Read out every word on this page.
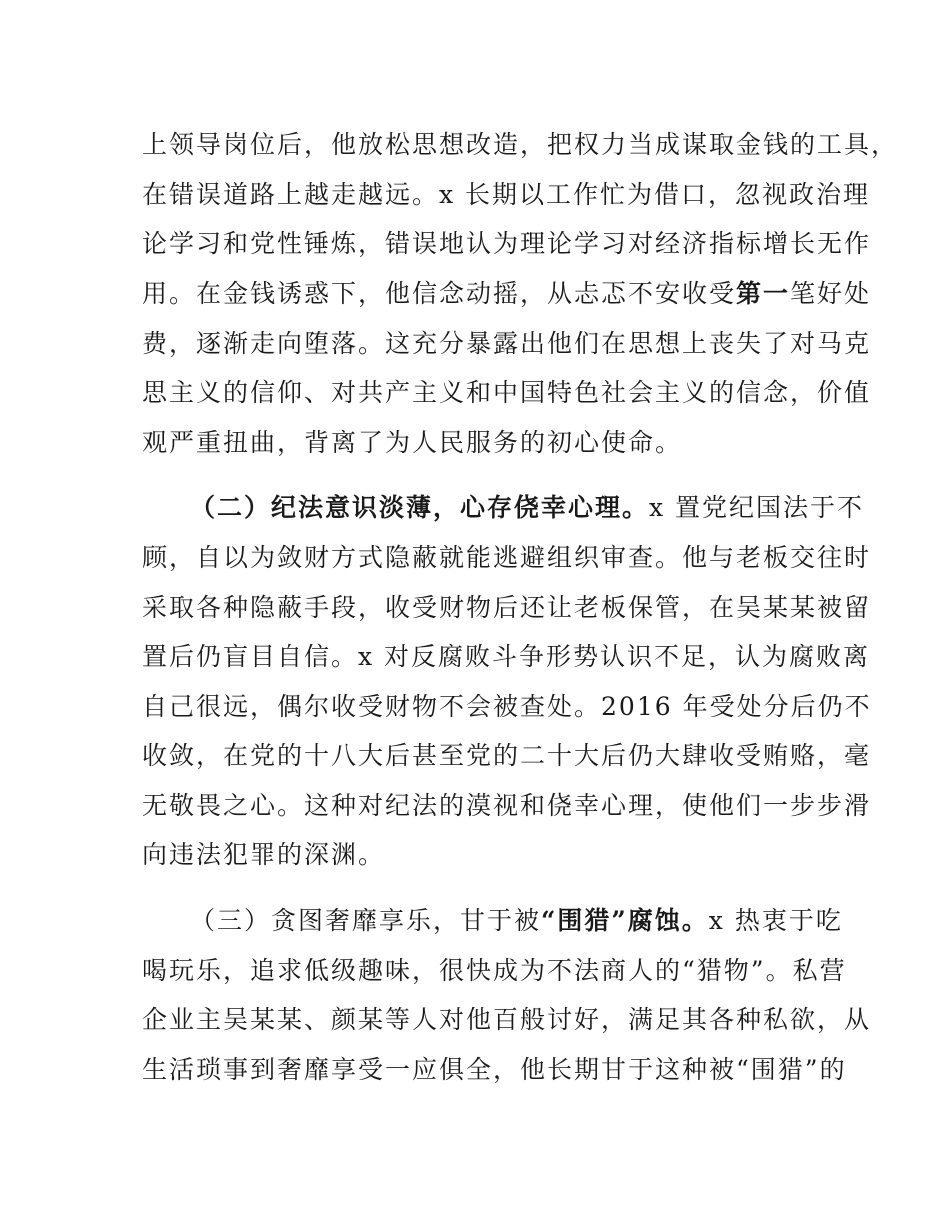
上领导岗位后，他放松思想改造，把权力当成谋取金钱的工具，
在错误道路上越走越远。x 长期以工作忙为借口，忽视政治理
论学习和党性锤炼，错误地认为理论学习对经济指标增长无作
用。在金钱诱惑下，他信念动摇，从忐忑不安收受第一笔好处
费，逐渐走向堕落。这充分暴露出他们在思想上丧失了对马克
思主义的信仰、对共产主义和中国特色社会主义的信念，价值
观严重扭曲，背离了为人民服务的初心使命。
（二）纪法意识淡薄，心存侥幸心理。x 置党纪国法于不
顾，自以为敛财方式隐蔽就能逃避组织审查。他与老板交往时
采取各种隐蔽手段，收受财物后还让老板保管，在吴某某被留
置后仍盲目自信。x 对反腐败斗争形势认识不足，认为腐败离
自己很远，偶尔收受财物不会被查处。2016 年受处分后仍不
收敛，在党的十八大后甚至党的二十大后仍大肆收受贿赂，毫
无敬畏之心。这种对纪法的漠视和侥幸心理，使他们一步步滑
向违法犯罪的深渊。
（三）贪图奢靡享乐，甘于被“围猎”腐蚀。x 热衷于吃
喝玩乐，追求低级趣味，很快成为不法商人的“猎物”。私营
企业主吴某某、颜某等人对他百般讨好，满足其各种私欲，从
生活琐事到奢靡享受一应俱全，他长期甘于这种被“围猎”的
